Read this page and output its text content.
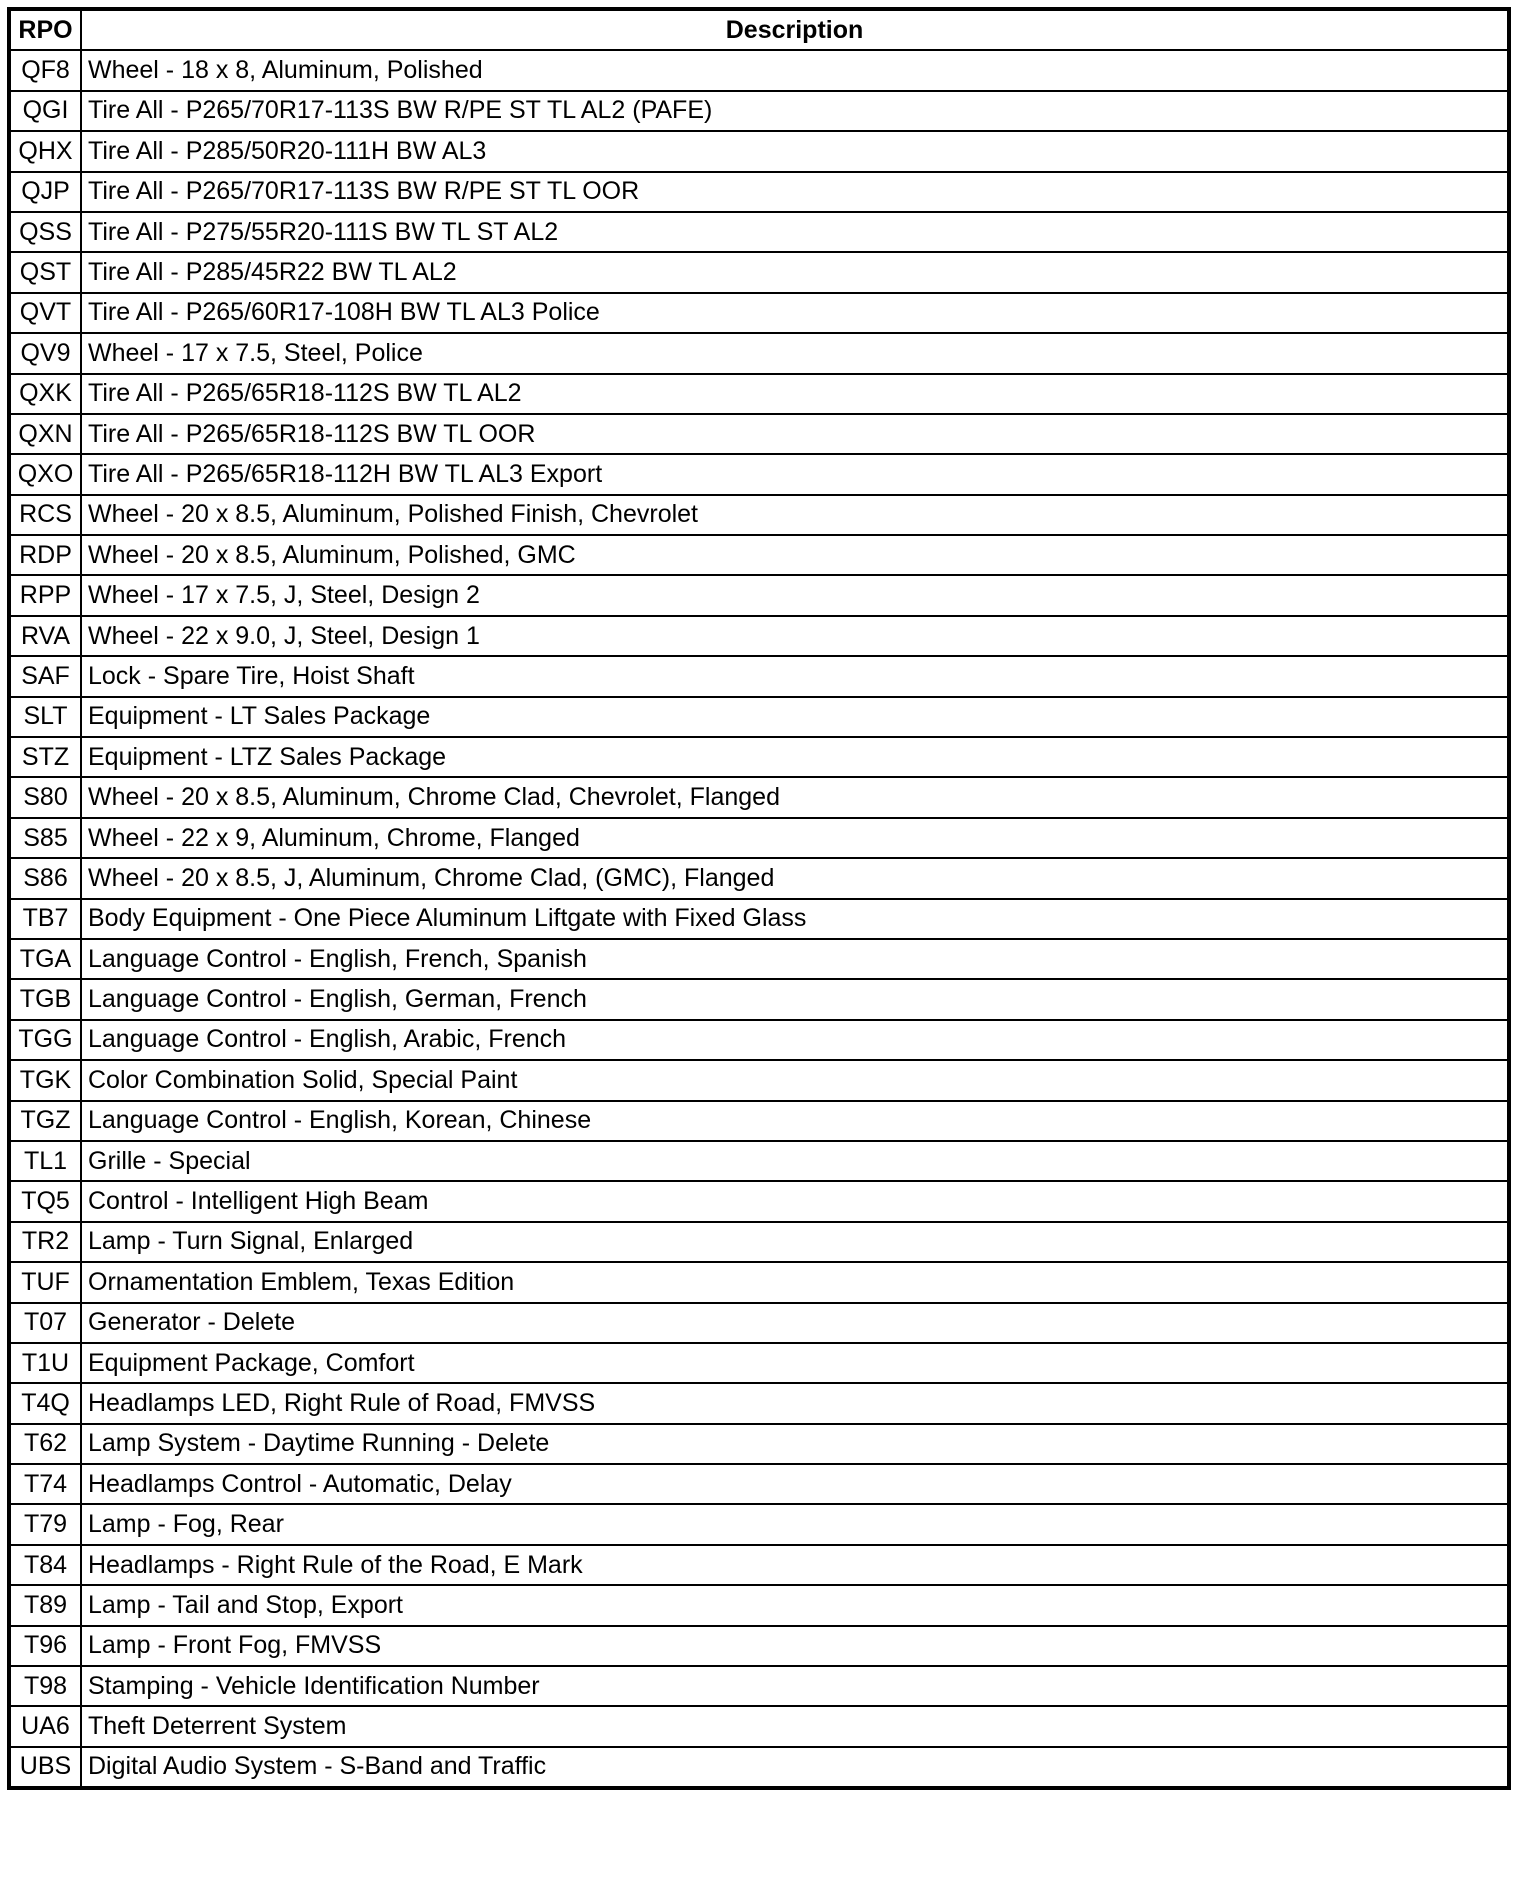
RPO	Description
QF8	Wheel - 18 x 8, Aluminum, Polished
QGI	Tire All - P265/70R17-113S BW R/PE ST TL AL2 (PAFE)
QHX	Tire All - P285/50R20-111H BW AL3
QJP	Tire All - P265/70R17-113S BW R/PE ST TL OOR
QSS	Tire All - P275/55R20-111S BW TL ST AL2
QST	Tire All - P285/45R22 BW TL AL2
QVT	Tire All - P265/60R17-108H BW TL AL3 Police
QV9	Wheel - 17 x 7.5, Steel, Police
QXK	Tire All - P265/65R18-112S BW TL AL2
QXN	Tire All - P265/65R18-112S BW TL OOR
QXO	Tire All - P265/65R18-112H BW TL AL3 Export
RCS	Wheel - 20 x 8.5, Aluminum, Polished Finish, Chevrolet
RDP	Wheel - 20 x 8.5, Aluminum, Polished, GMC
RPP	Wheel - 17 x 7.5, J, Steel, Design 2
RVA	Wheel - 22 x 9.0, J, Steel, Design 1
SAF	Lock - Spare Tire, Hoist Shaft
SLT	Equipment - LT Sales Package
STZ	Equipment - LTZ Sales Package
S80	Wheel - 20 x 8.5, Aluminum, Chrome Clad, Chevrolet, Flanged
S85	Wheel - 22 x 9, Aluminum, Chrome, Flanged
S86	Wheel - 20 x 8.5, J, Aluminum, Chrome Clad, (GMC), Flanged
TB7	Body Equipment - One Piece Aluminum Liftgate with Fixed Glass
TGA	Language Control - English, French, Spanish
TGB	Language Control - English, German, French
TGG	Language Control - English, Arabic, French
TGK	Color Combination Solid, Special Paint
TGZ	Language Control - English, Korean, Chinese
TL1	Grille - Special
TQ5	Control - Intelligent High Beam
TR2	Lamp - Turn Signal, Enlarged
TUF	Ornamentation Emblem, Texas Edition
T07	Generator - Delete
T1U	Equipment Package, Comfort
T4Q	Headlamps LED, Right Rule of Road, FMVSS
T62	Lamp System - Daytime Running - Delete
T74	Headlamps Control - Automatic, Delay
T79	Lamp - Fog, Rear
T84	Headlamps - Right Rule of the Road, E Mark
T89	Lamp - Tail and Stop, Export
T96	Lamp - Front Fog, FMVSS
T98	Stamping - Vehicle Identification Number
UA6	Theft Deterrent System
UBS	Digital Audio System - S-Band and Traffic
